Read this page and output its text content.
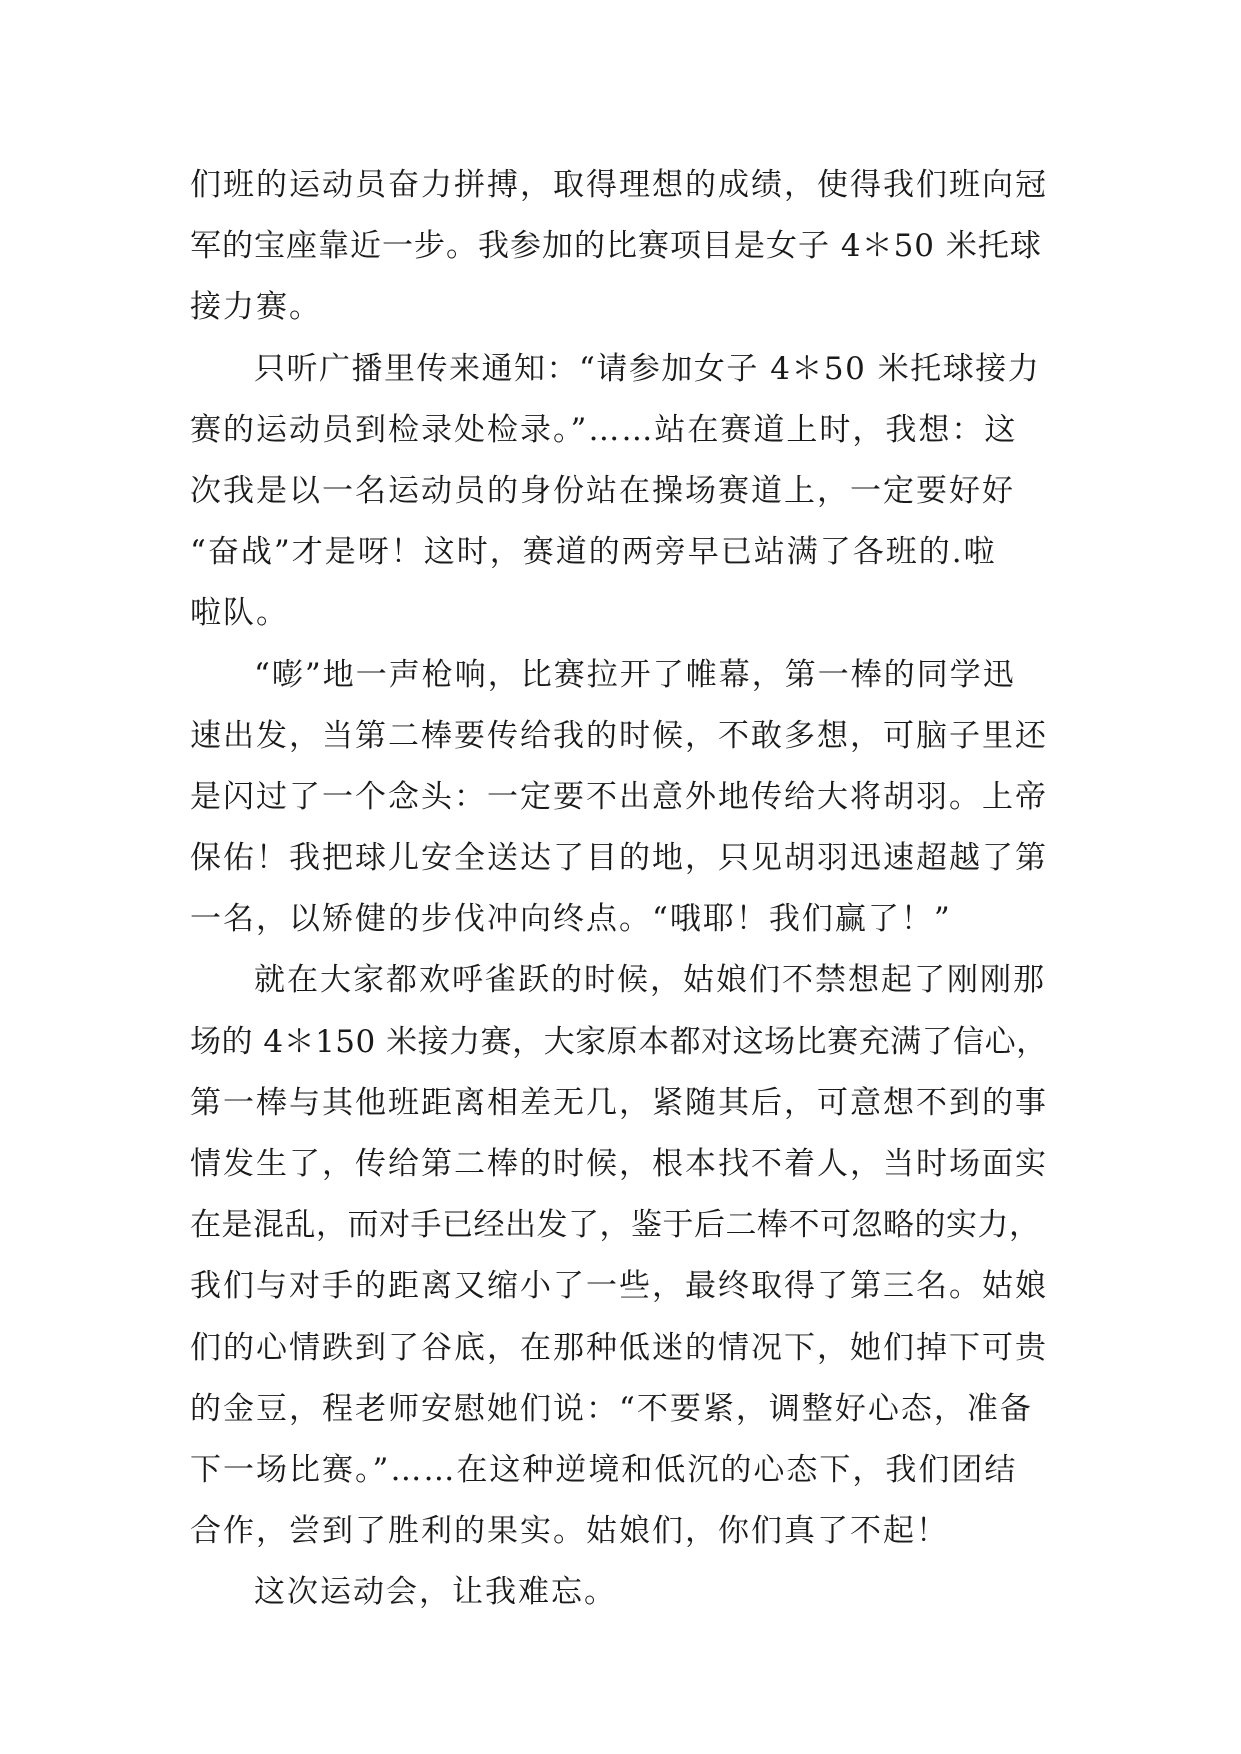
们班的运动员奋力拼搏，取得理想的成绩，使得我们班向冠
军的宝座靠近一步。我参加的比赛项目是女子 4＊50 米托球
接力赛。
只听广播里传来通知：“请参加女子 4＊50 米托球接力
赛的运动员到检录处检录。”……站在赛道上时，我想：这
次我是以一名运动员的身份站在操场赛道上，一定要好好
“奋战”才是呀！这时，赛道的两旁早已站满了各班的.啦
啦队。
“嘭”地一声枪响，比赛拉开了帷幕，第一棒的同学迅
速出发，当第二棒要传给我的时候，不敢多想，可脑子里还
是闪过了一个念头：一定要不出意外地传给大将胡羽。上帝
保佑！我把球儿安全送达了目的地，只见胡羽迅速超越了第
一名，以矫健的步伐冲向终点。“哦耶！我们赢了！”
就在大家都欢呼雀跃的时候，姑娘们不禁想起了刚刚那
场的 4＊150 米接力赛，大家原本都对这场比赛充满了信心，
第一棒与其他班距离相差无几，紧随其后，可意想不到的事
情发生了，传给第二棒的时候，根本找不着人，当时场面实
在是混乱，而对手已经出发了，鉴于后二棒不可忽略的实力，
我们与对手的距离又缩小了一些，最终取得了第三名。姑娘
们的心情跌到了谷底，在那种低迷的情况下，她们掉下可贵
的金豆，程老师安慰她们说：“不要紧，调整好心态，准备
下一场比赛。”……在这种逆境和低沉的心态下，我们团结
合作，尝到了胜利的果实。姑娘们，你们真了不起！
这次运动会，让我难忘。
